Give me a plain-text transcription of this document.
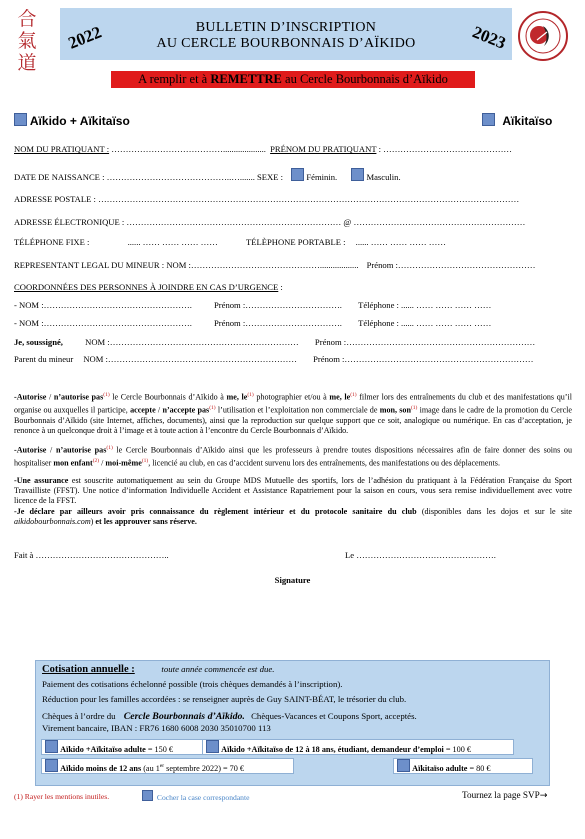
合
氣
道
2022	BULLETIN D’INSCRIPTION
AU CERCLE BOURBONNAIS D’AÏKIDO	2023
A remplir et à REMETTRE au Cercle Bourbonnais d’Aïkido
Aïkido + Aïkitaïso	Aïkitaïso
NOM DU PRATIQUANT : ………………………………….................... PRÉNOM DU PRATIQUANT : ………………………………………
DATE DE NAISSANCE : ……………………………………..…....... SEXE :	Féminin.	Masculin.
ADRESSE POSTALE : …………………………………………………………………………………………………………………………………
ADRESSE ÉLECTRONIQUE : ………………………………………………………………… @ ……………………………………………………
TÉLÉPHONE FIXE :	...... …… …… …… ……	TÉLÈPHONE PORTABLE : ...... …… …… …… ……
REPRESENTANT LEGAL DU MINEUR : NOM :……………………………………….................. Prénom :…………………………………………
COORDONNÉES DES PERSONNES À JOINDRE EN CAS D’URGENCE :
- NOM :…………………………………………….	Prénom :……………………………. Téléphone : ...... …… …… …… ……
- NOM :…………………………………………….	Prénom :……………………………. Téléphone : ...... …… …… …… ……
Je, soussigné,	NOM :………………………………………………………… Prénom :…………………………………………………………
Parent du mineur NOM :………………………………………………………… Prénom :…………………………………………………………
-Autorise / n’autorise pas$^{(1)}$ le Cercle Bourbonnais d’Aïkido à me, $le^{(1)}$ photographier et/ou à me, $le^{(1)}$ filmer lors des entraînements du club et des manifestations qu’il organise ou auxquelles il participe, accepte / n’accepte pas$^{(1)}$ l’utilisation et l’exploitation non commerciale de mon, son$^{(1)}$ image dans le cadre de la promotion du Cercle Bourbonnais d’Aïkido (site Internet, affiches, documents), ainsi que la reproduction sur quelque support que ce soit, analogique ou numérique. En cas d’acceptation, je renonce à un quelconque droit à l’image et à toute action à l’encontre du Cercle Bourbonnais d’Aïkido.
-Autorise / n’autorise pas$^{(1)}$ le Cercle Bourbonnais d’Aïkido ainsi que les professeurs à prendre toutes dispositions nécessaires afin de faire donner des soins ou hospitaliser mon enfant$^{(2)}$ / moi-même$^{(1)}$, licencié au club, en cas d’accident survenu lors des entraînements, des manifestations ou des déplacements.
-Une assurance est souscrite automatiquement au sein du Groupe MDS Mutuelle des sportifs, lors de l’adhésion du pratiquant à la Fédération Française du Sport Travailliste (FFST). Une notice d’information Individuelle Accident et Assistance Rapatriement pour la saison en cours, vous sera remise individuellement avec votre licence de la FFST.
-Je déclare par ailleurs avoir pris connaissance du règlement intérieur et du protocole sanitaire du club (disponibles dans les dojos et sur le site aikidobourbonnais.com) et les approuver sans réserve.
Fait à ………………………………………..	Le ………………………………………….
Signature
Cotisation annuelle :	toute année commencée est due.
Paiement des cotisations échelonné possible (trois chèques demandés à l’inscription).
Réduction pour les familles accordées : se renseigner auprès de Guy SAINT-BÉAT, le trésorier du club.
Chèques à l’ordre du Cercle Bourbonnais d’Aïkido. Chèques-Vacances et Coupons Sport, acceptés.
Virement bancaire, IBAN : FR76 1680 6008 2030 35010700 113
Aïkido +Aïkitaïso adulte = 150 €	Aïkido +Aïkitaïso de 12 à 18 ans, étudiant, demandeur d’emploi = 100 €
Aïkido moins de 12 ans (au 1er septembre 2022) = 70 €	Aïkitaïso adulte = 80 €
(1) Rayer les mentions inutiles.	Cocher la case correspondante	Tournez la page SVP→
